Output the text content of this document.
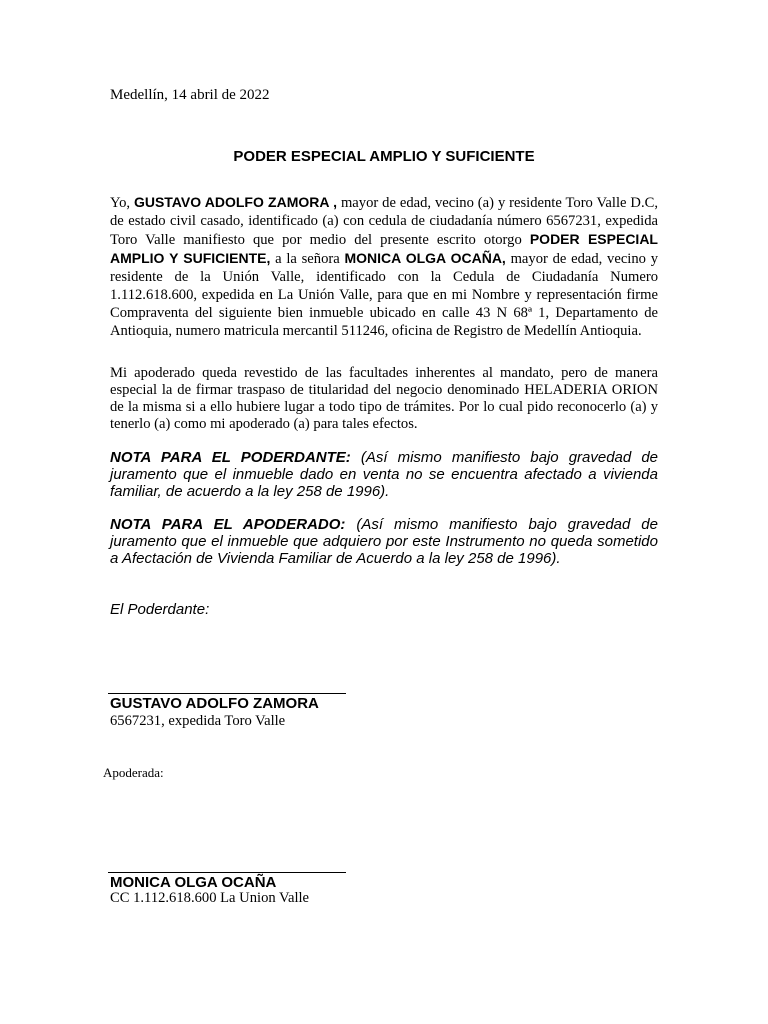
Medellín, 14 abril de 2022
PODER ESPECIAL AMPLIO Y SUFICIENTE
Yo, GUSTAVO ADOLFO ZAMORA , mayor de edad, vecino (a) y residente Toro Valle D.C, de estado civil casado, identificado (a) con cedula de ciudadanía número 6567231, expedida Toro Valle manifiesto que por medio del presente escrito otorgo PODER ESPECIAL AMPLIO Y SUFICIENTE, a la señora MONICA OLGA OCAÑA, mayor de edad, vecino y residente de la Unión Valle, identificado con la Cedula de Ciudadanía Numero 1.112.618.600, expedida en La Unión Valle, para que en mi Nombre y representación firme Compraventa del siguiente bien inmueble ubicado en calle 43 N 68ª 1, Departamento de Antioquia, numero matricula mercantil 511246, oficina de Registro de Medellín Antioquia.
Mi apoderado queda revestido de las facultades inherentes al mandato, pero de manera especial la de firmar traspaso de titularidad del negocio denominado HELADERIA ORION de la misma si a ello hubiere lugar a todo tipo de trámites. Por lo cual pido reconocerlo (a) y tenerlo (a) como mi apoderado (a) para tales efectos.
NOTA PARA EL PODERDANTE: (Así mismo manifiesto bajo gravedad de juramento que el inmueble dado en venta no se encuentra afectado a vivienda familiar, de acuerdo a la ley 258 de 1996).
NOTA PARA EL APODERADO: (Así mismo manifiesto bajo gravedad de juramento que el inmueble que adquiero por este Instrumento no queda sometido a Afectación de Vivienda Familiar de Acuerdo a la ley 258 de 1996).
El Poderdante:
GUSTAVO ADOLFO ZAMORA
6567231, expedida Toro Valle
Apoderada:
MONICA OLGA OCAÑA
CC 1.112.618.600 La Union Valle
